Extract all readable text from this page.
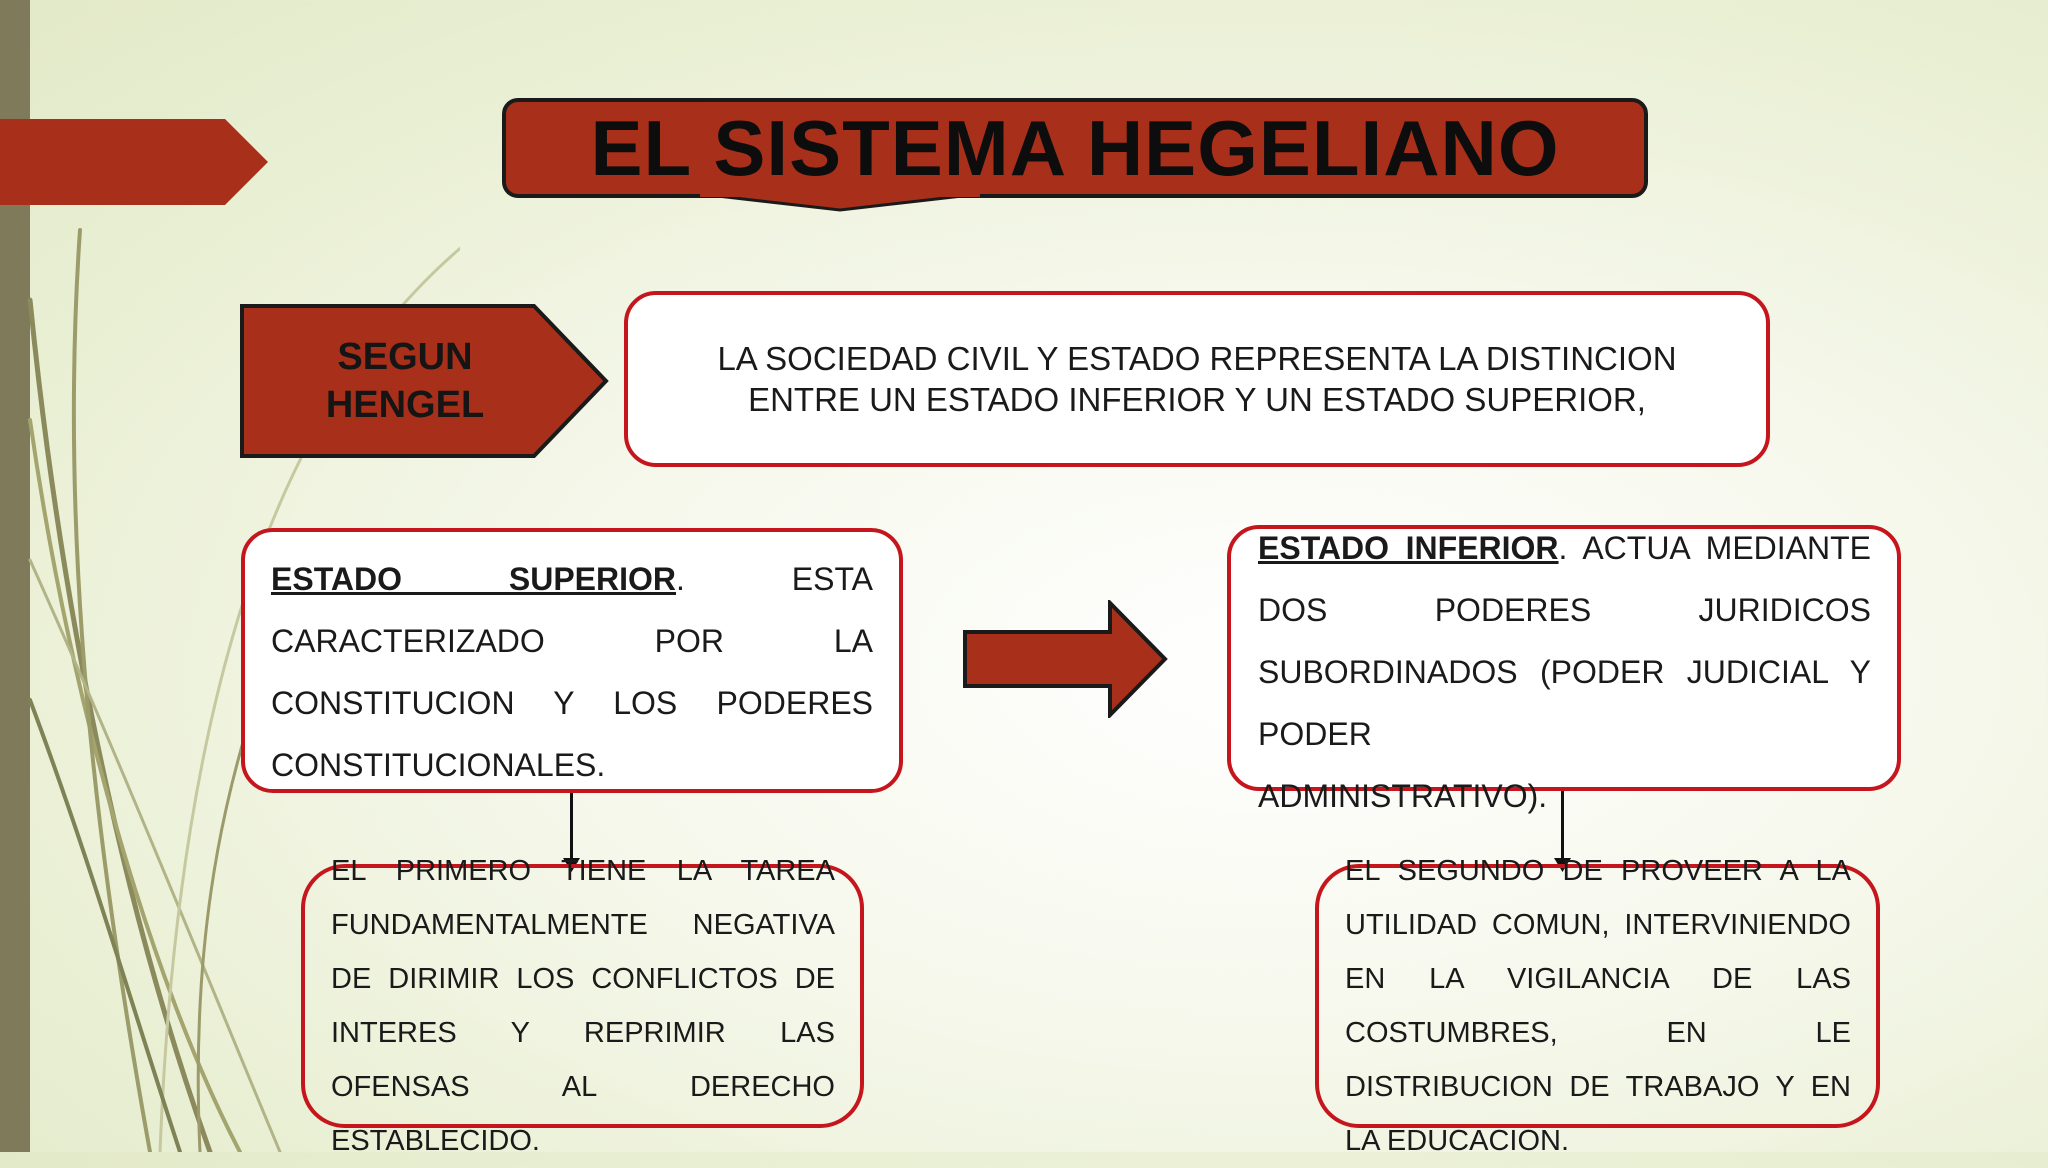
EL SISTEMA HEGELIANO
SEGUN
HENGEL
LA SOCIEDAD CIVIL Y ESTADO REPRESENTA LA DISTINCION
ENTRE UN ESTADO INFERIOR Y UN ESTADO SUPERIOR,
ESTADO SUPERIOR. ESTA CARACTERIZADO POR LA CONSTITUCION Y LOS PODERES
CONSTITUCIONALES.
ESTADO INFERIOR. ACTUA MEDIANTE DOS PODERES JURIDICOS SUBORDINADOS (PODER JUDICIAL Y PODER
ADMINISTRATIVO).
EL PRIMERO TIENE LA TAREA FUNDAMENTALMENTE NEGATIVA DE DIRIMIR LOS CONFLICTOS DE INTERES Y REPRIMIR LAS OFENSAS AL DERECHO
ESTABLECIDO.
EL SEGUNDO DE PROVEER A LA UTILIDAD COMUN, INTERVINIENDO EN LA VIGILANCIA DE LAS COSTUMBRES, EN LE DISTRIBUCION DE TRABAJO Y EN
LA EDUCACION.
